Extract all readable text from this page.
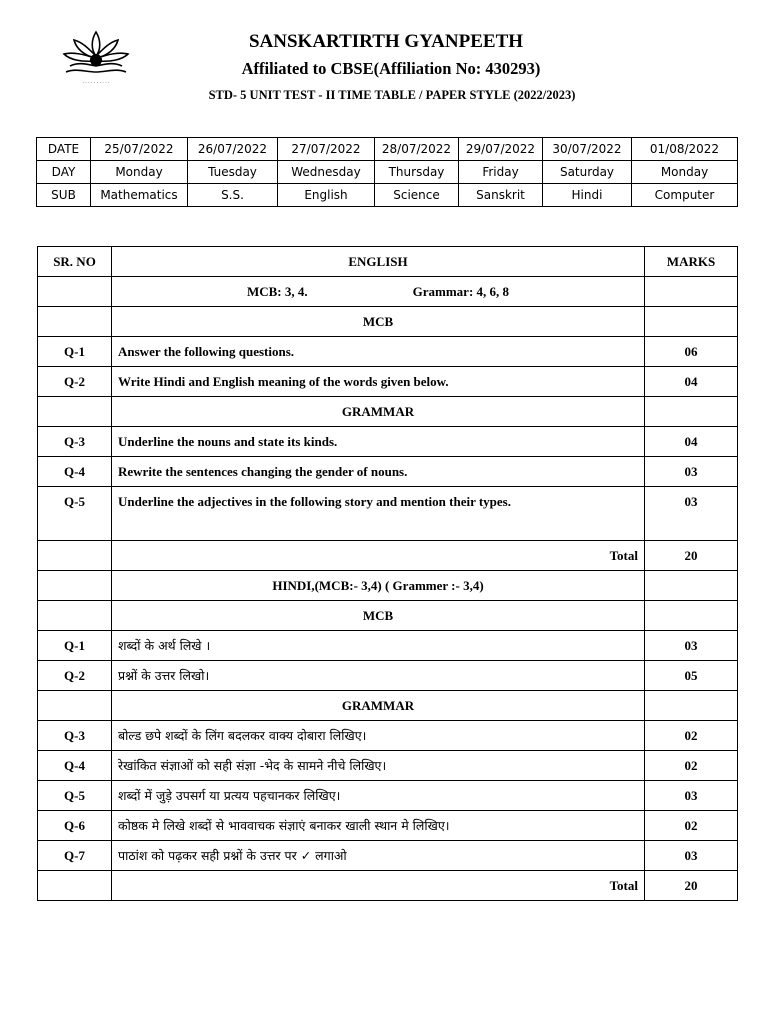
· · · · · · · · · ·
SANSKARTIRTH GYANPEETH
Affiliated to CBSE(Affiliation No: 430293)
STD- 5 UNIT TEST - II TIME TABLE / PAPER STYLE (2022/2023)
DATE	25/07/2022	26/07/2022	27/07/2022	28/07/2022	29/07/2022	30/07/2022	01/08/2022
DAY	Monday	Tuesday	Wednesday	Thursday	Friday	Saturday	Monday
SUB	Mathematics	S.S.	English	Science	Sanskrit	Hindi	Computer
SR. NO	ENGLISH	MARKS
	MCB: 3, 4. Grammar: 4, 6, 8	
	MCB	
Q-1	Answer the following questions.	06
Q-2	Write Hindi and English meaning of the words given below.	04
	GRAMMAR	
Q-3	Underline the nouns and state its kinds.	04
Q-4	Rewrite the sentences changing the gender of nouns.	03
Q-5	Underline the adjectives in the following story and mention their types.	03
	Total	20
	HINDI,(MCB:- 3,4) ( Grammer :- 3,4)	
	MCB	
Q-1	शब्दों के अर्थ लिखे ।	03
Q-2	प्रश्नों के उत्तर लिखो।	05
	GRAMMAR	
Q-3	बोल्ड छपे शब्दों के लिंग बदलकर वाक्य दोबारा लिखिए।	02
Q-4	रेखांकित संज्ञाओं को सही संज्ञा -भेद के सामने नीचे लिखिए।	02
Q-5	शब्दों में जुड़े उपसर्ग या प्रत्यय पहचानकर लिखिए।	03
Q-6	कोष्ठक मे लिखे शब्दों से भाववाचक संज्ञाएं बनाकर खाली स्थान मे लिखिए।	02
Q-7	पाठांश को पढ़कर सही प्रश्नों के उत्तर पर ✓ लगाओ	03
	Total	20
